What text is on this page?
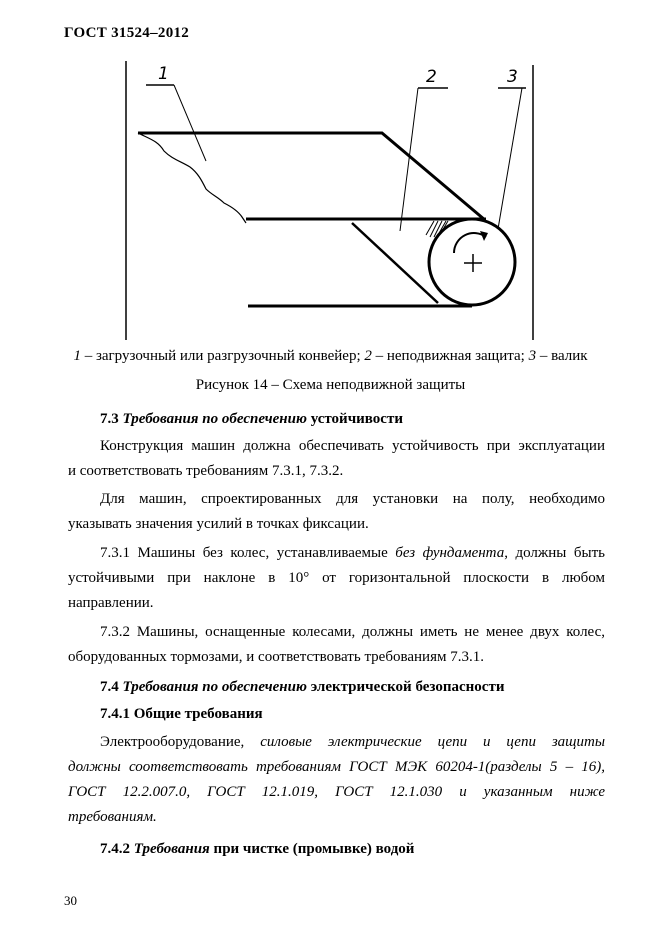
ГОСТ 31524–2012
1	2	3
1 – загрузочный или разгрузочный конвейер; 2 – неподвижная защита; 3 – валик
Рисунок 14 – Схема неподвижной защиты
7.3 Требования по обеспечению устойчивости
Конструкция машин должна обеспечивать устойчивость при эксплуатации
и соответствовать требованиям 7.3.1, 7.3.2.
Для машин, спроектированных для установки на полу, необходимо
указывать значения усилий в точках фиксации.
7.3.1 Машины без колес, устанавливаемые без фундамента, должны быть
устойчивыми при наклоне в 10° от горизонтальной плоскости в любом
направлении.
7.3.2 Машины, оснащенные колесами, должны иметь не менее двух колес,
оборудованных тормозами, и соответствовать требованиям 7.3.1.
7.4 Требования по обеспечению электрической безопасности
7.4.1 Общие требования
Электрооборудование, силовые электрические цепи и цепи защиты
должны соответствовать требованиям ГОСТ МЭК 60204-1(разделы 5 – 16),
ГОСТ 12.2.007.0, ГОСТ 12.1.019, ГОСТ 12.1.030 и указанным ниже
требованиям.
7.4.2 Требования при чистке (промывке) водой
30
